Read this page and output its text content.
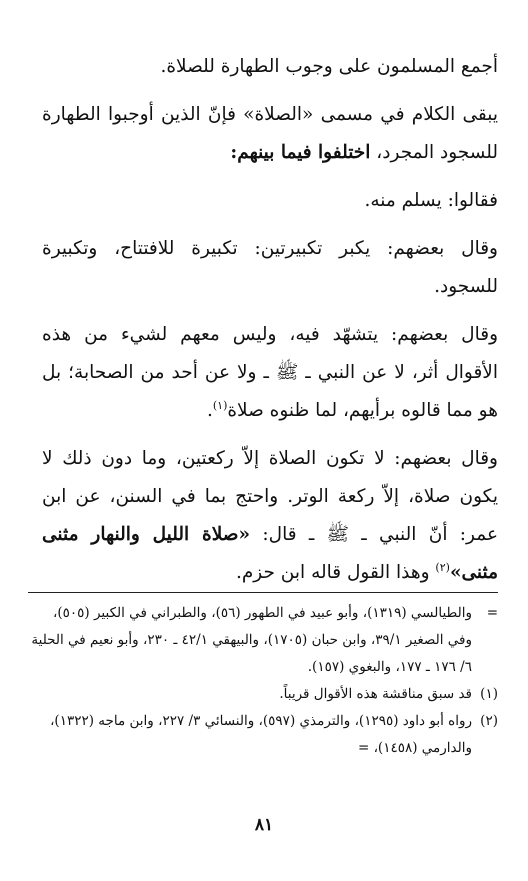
أجمع المسلمون على وجوب الطهارة للصلاة.

يبقى الكلام في مسمى «الصلاة» فإنّ الذين أوجبوا الطهارة للسجود المجرد، اختلفوا فيما بينهم:

فقالوا: يسلم منه.

وقال بعضهم: يكبر تكبيرتين: تكبيرة للافتتاح، وتكبيرة للسجود.

وقال بعضهم: يتشهّد فيه، وليس معهم لشيء من هذه الأقوال أثر، لا عن النبي ـ ﷺ ـ ولا عن أحد من الصحابة؛ بل هو مما قالوه برأيهم، لما ظنوه صلاة$^{(١)}$.

وقال بعضهم: لا تكون الصلاة إلاّ ركعتين، وما دون ذلك لا يكون صلاة، إلاّ ركعة الوتر. واحتج بما في السنن، عن ابن عمر: أنّ النبي ـ ﷺ ـ قال: «صلاة الليل والنهار مثنى مثنى»$^{(٢)}$ وهذا القول قاله ابن حزم.

=
والطيالسي (١٣١٩)، وأبو عبيد في الطهور (٥٦)، والطبراني في الكبير (٥٠٥)، وفي الصغير ٣٩/١، وابن حبان (١٧٠٥)، والبيهقي ٤٢/١ ـ ٢٣٠، وأبو نعيم في الحلية ٦/ ١٧٦ ـ ١٧٧، والبغوي (١٥٧).
(١)
قد سبق مناقشة هذه الأقوال قريباً.
(٢)
رواه أبو داود (١٢٩٥)، والترمذي (٥٩٧)، والنسائي ٣/ ٢٢٧، وابن ماجه (١٣٢٢)، والدارمي (١٤٥٨)، =
٨١
